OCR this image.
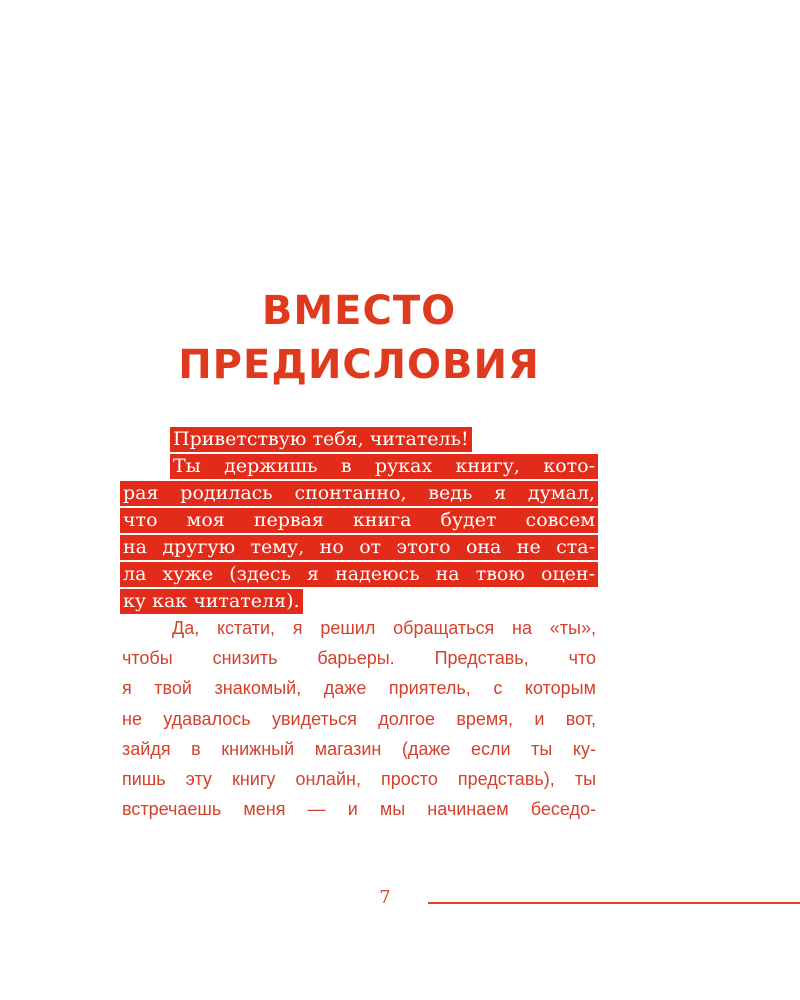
ВМЕСТО
ПРЕДИСЛОВИЯ
Приветствую тебя, читатель!
Ты держишь в руках книгу, кото-
рая родилась спонтанно, ведь я думал,
что моя первая книга будет совсем
на другую тему, но от этого она не ста-
ла хуже (здесь я надеюсь на твою оцен-
ку как читателя).
Да, кстати, я решил обращаться на «ты»,
чтобы снизить барьеры. Представь, что
я твой знакомый, даже приятель, с которым
не удавалось увидеться долгое время, и вот,
зайдя в книжный магазин (даже если ты ку-
пишь эту книгу онлайн, просто представь), ты
встречаешь меня — и мы начинаем беседо-
7
